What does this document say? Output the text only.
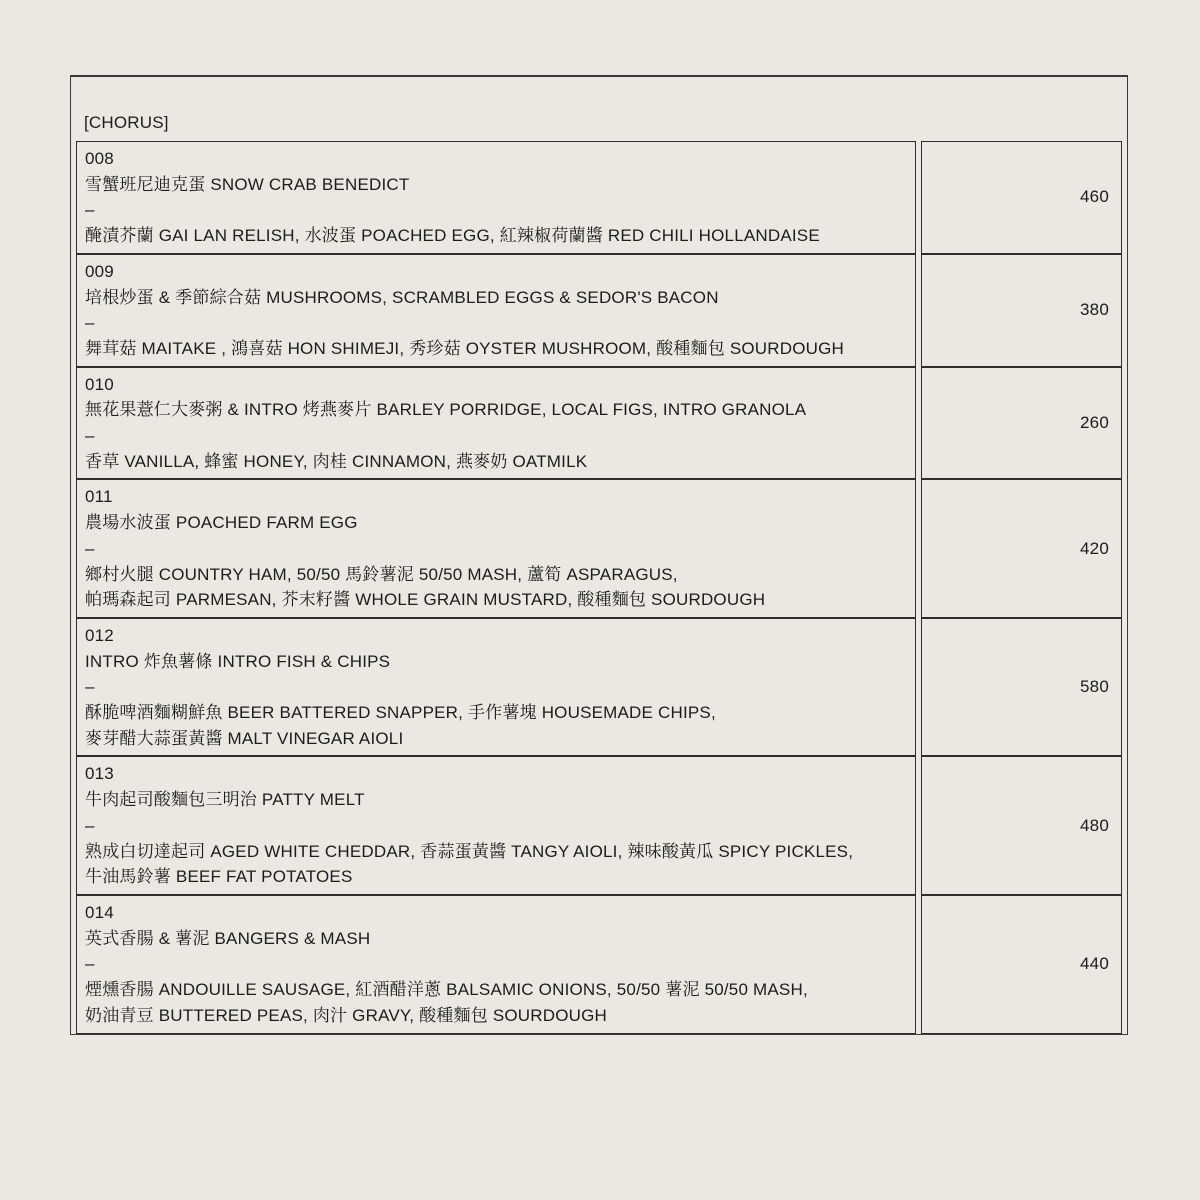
[CHORUS]	

008
雪蟹班尼迪克蛋 SNOW CRAB BENEDICT
–
醃漬芥蘭 GAI LAN RELISH, 水波蛋 POACHED EGG, 紅辣椒荷蘭醬 RED CHILI HOLLANDAISE	460

009
培根炒蛋 & 季節綜合菇 MUSHROOMS, SCRAMBLED EGGS & SEDOR'S BACON
–
舞茸菇 MAITAKE , 鴻喜菇 HON SHIMEJI, 秀珍菇 OYSTER MUSHROOM, 酸種麵包 SOURDOUGH	380

010
無花果薏仁大麥粥 & INTRO 烤燕麥片 BARLEY PORRIDGE, LOCAL FIGS, INTRO GRANOLA
–
香草 VANILLA, 蜂蜜 HONEY, 肉桂 CINNAMON, 燕麥奶 OATMILK	260

011
農場水波蛋 POACHED FARM EGG
–
鄉村火腿 COUNTRY HAM, 50/50 馬鈴薯泥 50/50 MASH, 蘆筍 ASPARAGUS,
帕瑪森起司 PARMESAN, 芥末籽醬 WHOLE GRAIN MUSTARD, 酸種麵包 SOURDOUGH	420

012
INTRO 炸魚薯條 INTRO FISH & CHIPS
–
酥脆啤酒麵糊鮮魚 BEER BATTERED SNAPPER, 手作薯塊 HOUSEMADE CHIPS,
麥芽醋大蒜蛋黃醬 MALT VINEGAR AIOLI	580

013
牛肉起司酸麵包三明治 PATTY MELT
–
熟成白切達起司 AGED WHITE CHEDDAR, 香蒜蛋黃醬 TANGY AIOLI, 辣味酸黃瓜 SPICY PICKLES,
牛油馬鈴薯 BEEF FAT POTATOES	480

014
英式香腸 & 薯泥 BANGERS & MASH
–
煙燻香腸 ANDOUILLE SAUSAGE, 紅酒醋洋蔥 BALSAMIC ONIONS, 50/50 薯泥 50/50 MASH,
奶油青豆 BUTTERED PEAS, 肉汁 GRAVY, 酸種麵包 SOURDOUGH	440
